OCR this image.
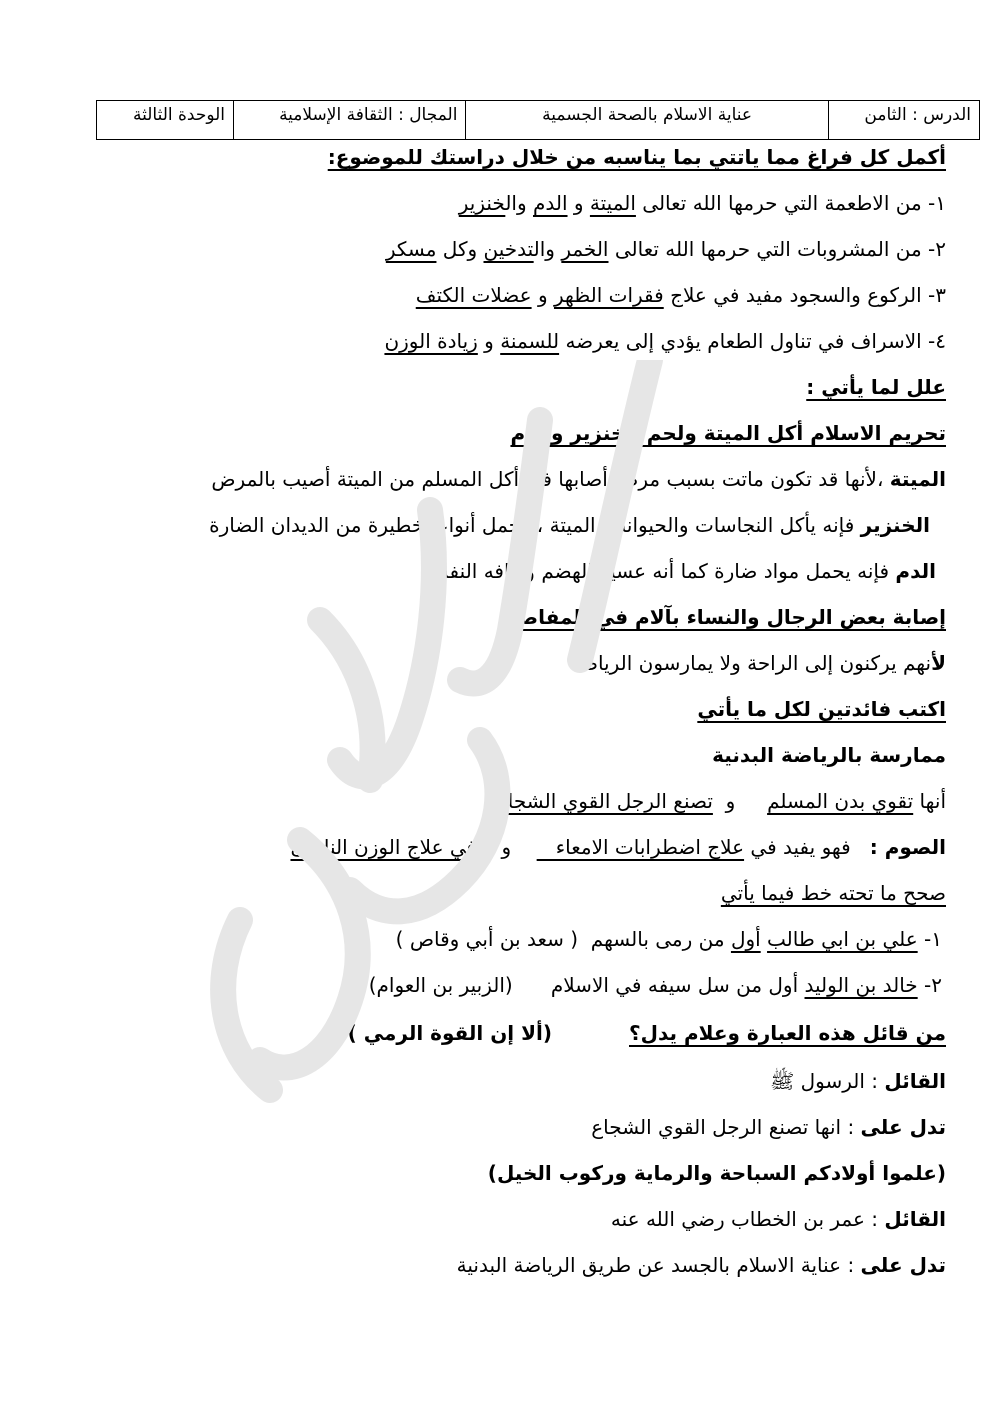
الدرس : الثامن	عناية الاسلام بالصحة الجسمية	المجال : الثقافة الإسلامية	الوحدة الثالثة
أكمل كل فراغ مما ياتتي بما يناسبه من خلال دراستك للموضوع:
١- من الاطعمة التي حرمها الله تعالى الميتة و الدم والخنزير
٢- من المشروبات التي حرمها الله تعالى الخمر والتدخين وكل مسكر
٣- الركوع والسجود مفيد في علاج فقرات الظهر و عضلات الكتف
٤- الاسراف في تناول الطعام يؤدي إلى يعرضه للسمنة و زيادة الوزن
علل لما يأتي :
تحريم الاسلام أكل الميتة ولحم الخنزير والدم
الميتة ،لأنها قد تكون ماتت بسبب مرض أصابها فلو أكل المسلم من الميتة أصيب بالمرض
الخنزير فإنه يأكل النجاسات والحيوانات الميتة ،ويحمل أنواعا خطيرة من الديدان الضارة
الدم فإنه يحمل مواد ضارة كما أنه عسير الهضم وتعافه النفس
إصابة بعض الرجال والنساء بآلام في المفاصل
لأنهم يركنون إلى الراحة ولا يمارسون الرياضة
اكتب فائدتين لكل ما يأتي
ممارسة بالرياضة البدنية
أنها تقوي بدن المسلم     و  تصنع الرجل القوي الشجاع
الصوم :   فهو يفيد في علاج اضطرابات الامعاء       و    في علاج الوزن الناشئ
صحح ما تحته خط فيما يأتي
١- علي بن ابي طالب أول من رمى بالسهم  ( سعد بن أبي وقاص )
٢- خالد بن الوليد أول من سل سيفه في الاسلام      (الزبير بن العوام)
من قائل هذه العبارة وعلام يدل؟
(ألا إن القوة الرمي )
القائل : الرسول ﷺ
تدل على : انها تصنع الرجل القوي الشجاع
(علموا أولادكم السباحة والرماية وركوب الخيل)
القائل : عمر بن الخطاب رضي الله عنه
تدل على : عناية الاسلام بالجسد عن طريق الرياضة البدنية
